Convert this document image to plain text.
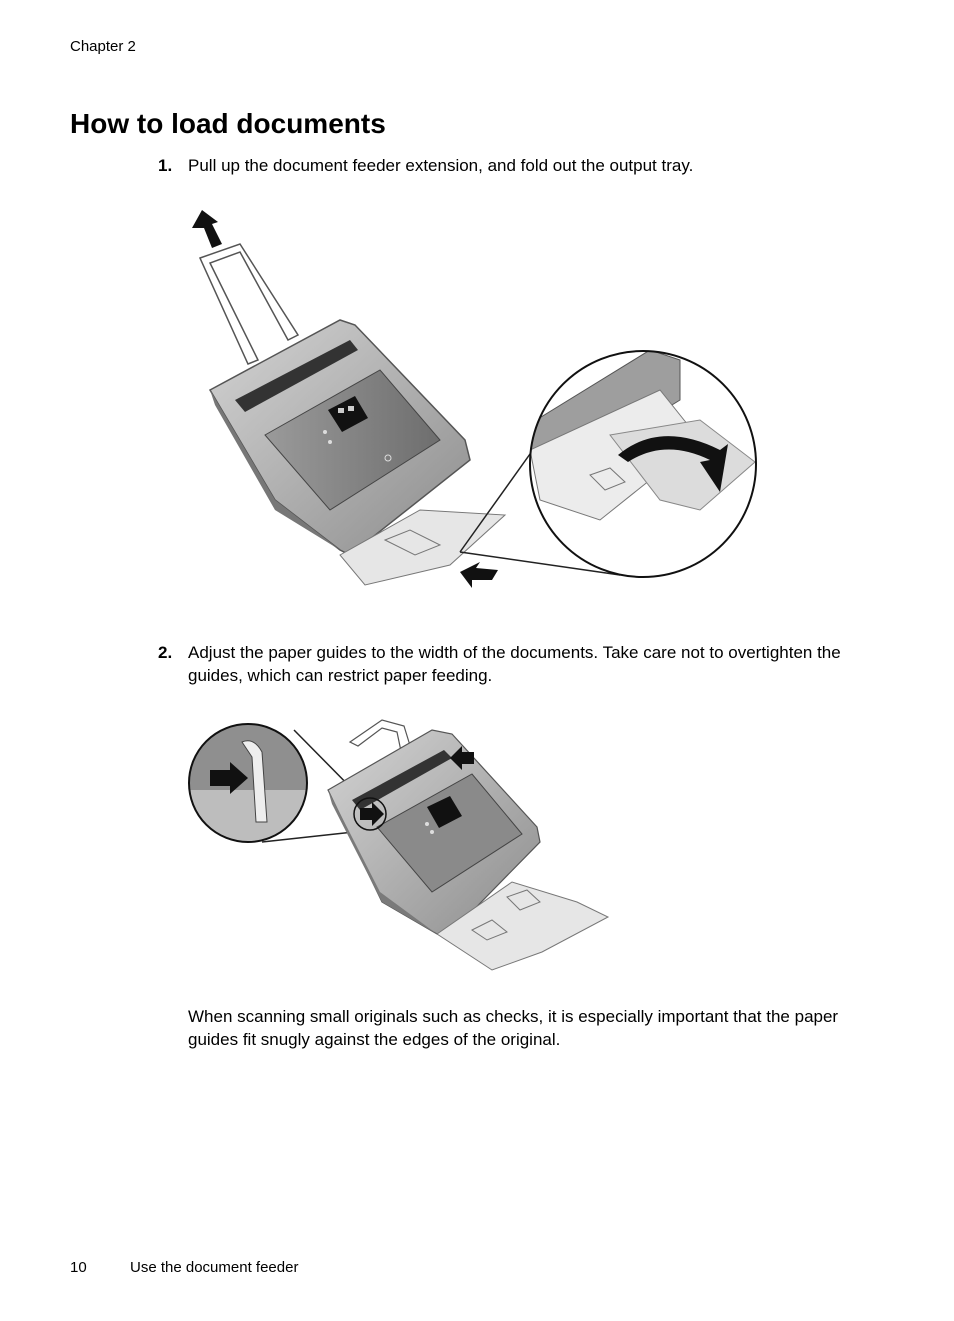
Chapter 2
How to load documents
1. Pull up the document feeder extension, and fold out the output tray.
2. Adjust the paper guides to the width of the documents. Take care not to overtighten the guides, which can restrict paper feeding.
When scanning small originals such as checks, it is especially important that the paper guides fit snugly against the edges of the original.
10	Use the document feeder
